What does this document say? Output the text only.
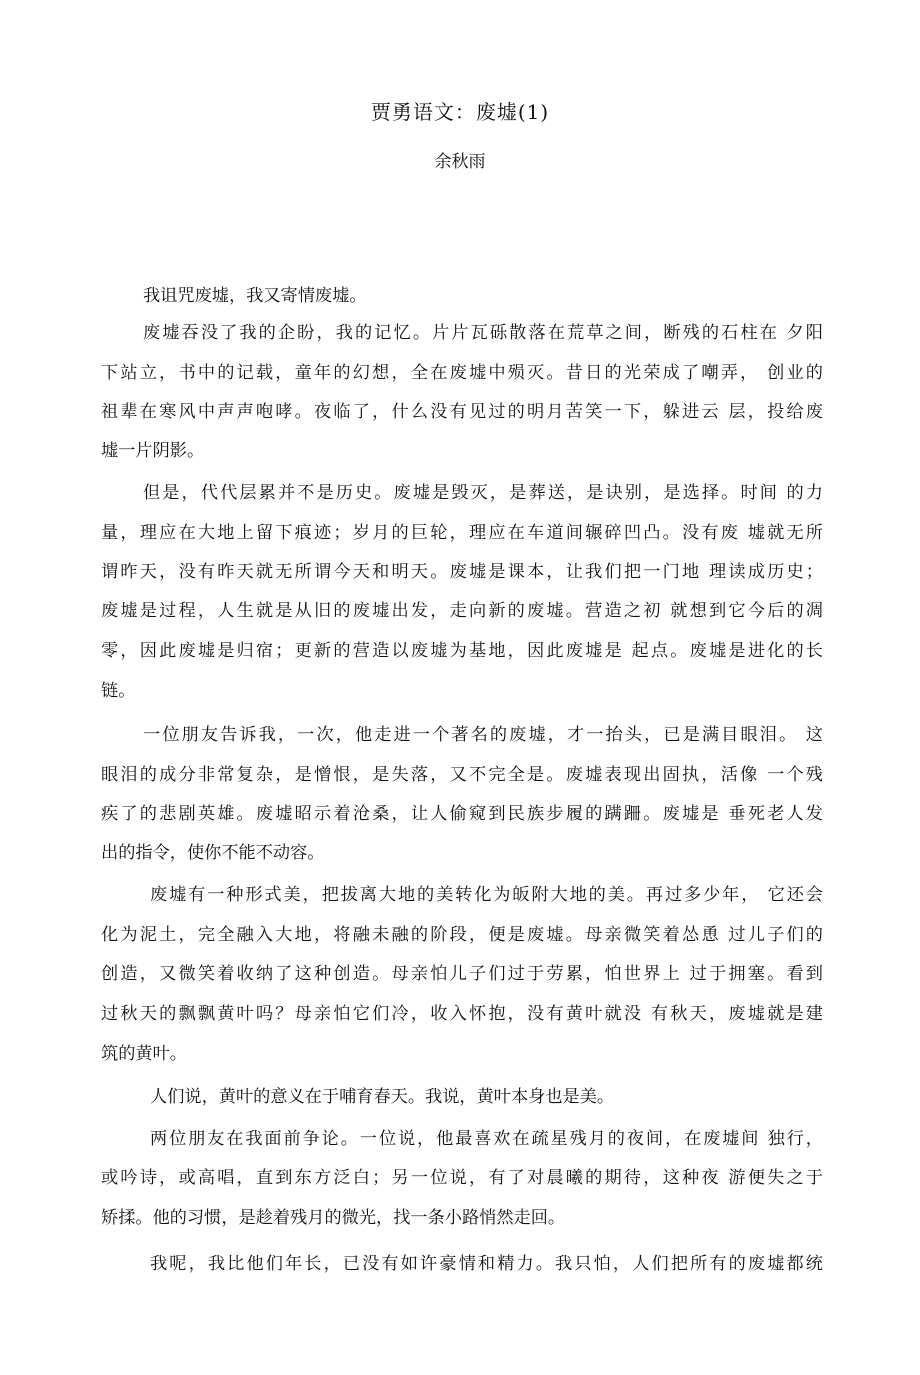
贾勇语文：废墟(1)
余秋雨
我诅咒废墟，我又寄情废墟。
废墟吞没了我的企盼，我的记忆。片片瓦砾散落在荒草之间，断残的石柱在 夕阳
下站立，书中的记载，童年的幻想，全在废墟中殒灭。昔日的光荣成了嘲弄， 创业的
祖辈在寒风中声声咆哮。夜临了，什么没有见过的明月苦笑一下，躲进云 层，投给废
墟一片阴影。
但是，代代层累并不是历史。废墟是毁灭，是葬送，是诀别，是选择。时间 的力
量，理应在大地上留下痕迹；岁月的巨轮，理应在车道间辗碎凹凸。没有废 墟就无所
谓昨天，没有昨天就无所谓今天和明天。废墟是课本，让我们把一门地 理读成历史；
废墟是过程，人生就是从旧的废墟出发，走向新的废墟。营造之初 就想到它今后的凋
零，因此废墟是归宿；更新的营造以废墟为基地，因此废墟是 起点。废墟是进化的长
链。
一位朋友告诉我，一次，他走进一个著名的废墟，才一抬头，已是满目眼泪。 这
眼泪的成分非常复杂，是憎恨，是失落，又不完全是。废墟表现出固执，活像 一个残
疾了的悲剧英雄。废墟昭示着沧桑，让人偷窥到民族步履的蹒跚。废墟是 垂死老人发
出的指令，使你不能不动容。
废墟有一种形式美，把拔离大地的美转化为皈附大地的美。再过多少年， 它还会
化为泥土，完全融入大地，将融未融的阶段，便是废墟。母亲微笑着怂恿 过儿子们的
创造，又微笑着收纳了这种创造。母亲怕儿子们过于劳累，怕世界上 过于拥塞。看到
过秋天的飘飘黄叶吗？母亲怕它们冷，收入怀抱，没有黄叶就没 有秋天，废墟就是建
筑的黄叶。
人们说，黄叶的意义在于哺育春天。我说，黄叶本身也是美。
两位朋友在我面前争论。一位说，他最喜欢在疏星残月的夜间，在废墟间 独行，
或吟诗，或高唱，直到东方泛白；另一位说，有了对晨曦的期待，这种夜 游便失之于
矫揉。他的习惯，是趁着残月的微光，找一条小路悄然走回。
我呢，我比他们年长，已没有如许豪情和精力。我只怕，人们把所有的废墟都统
